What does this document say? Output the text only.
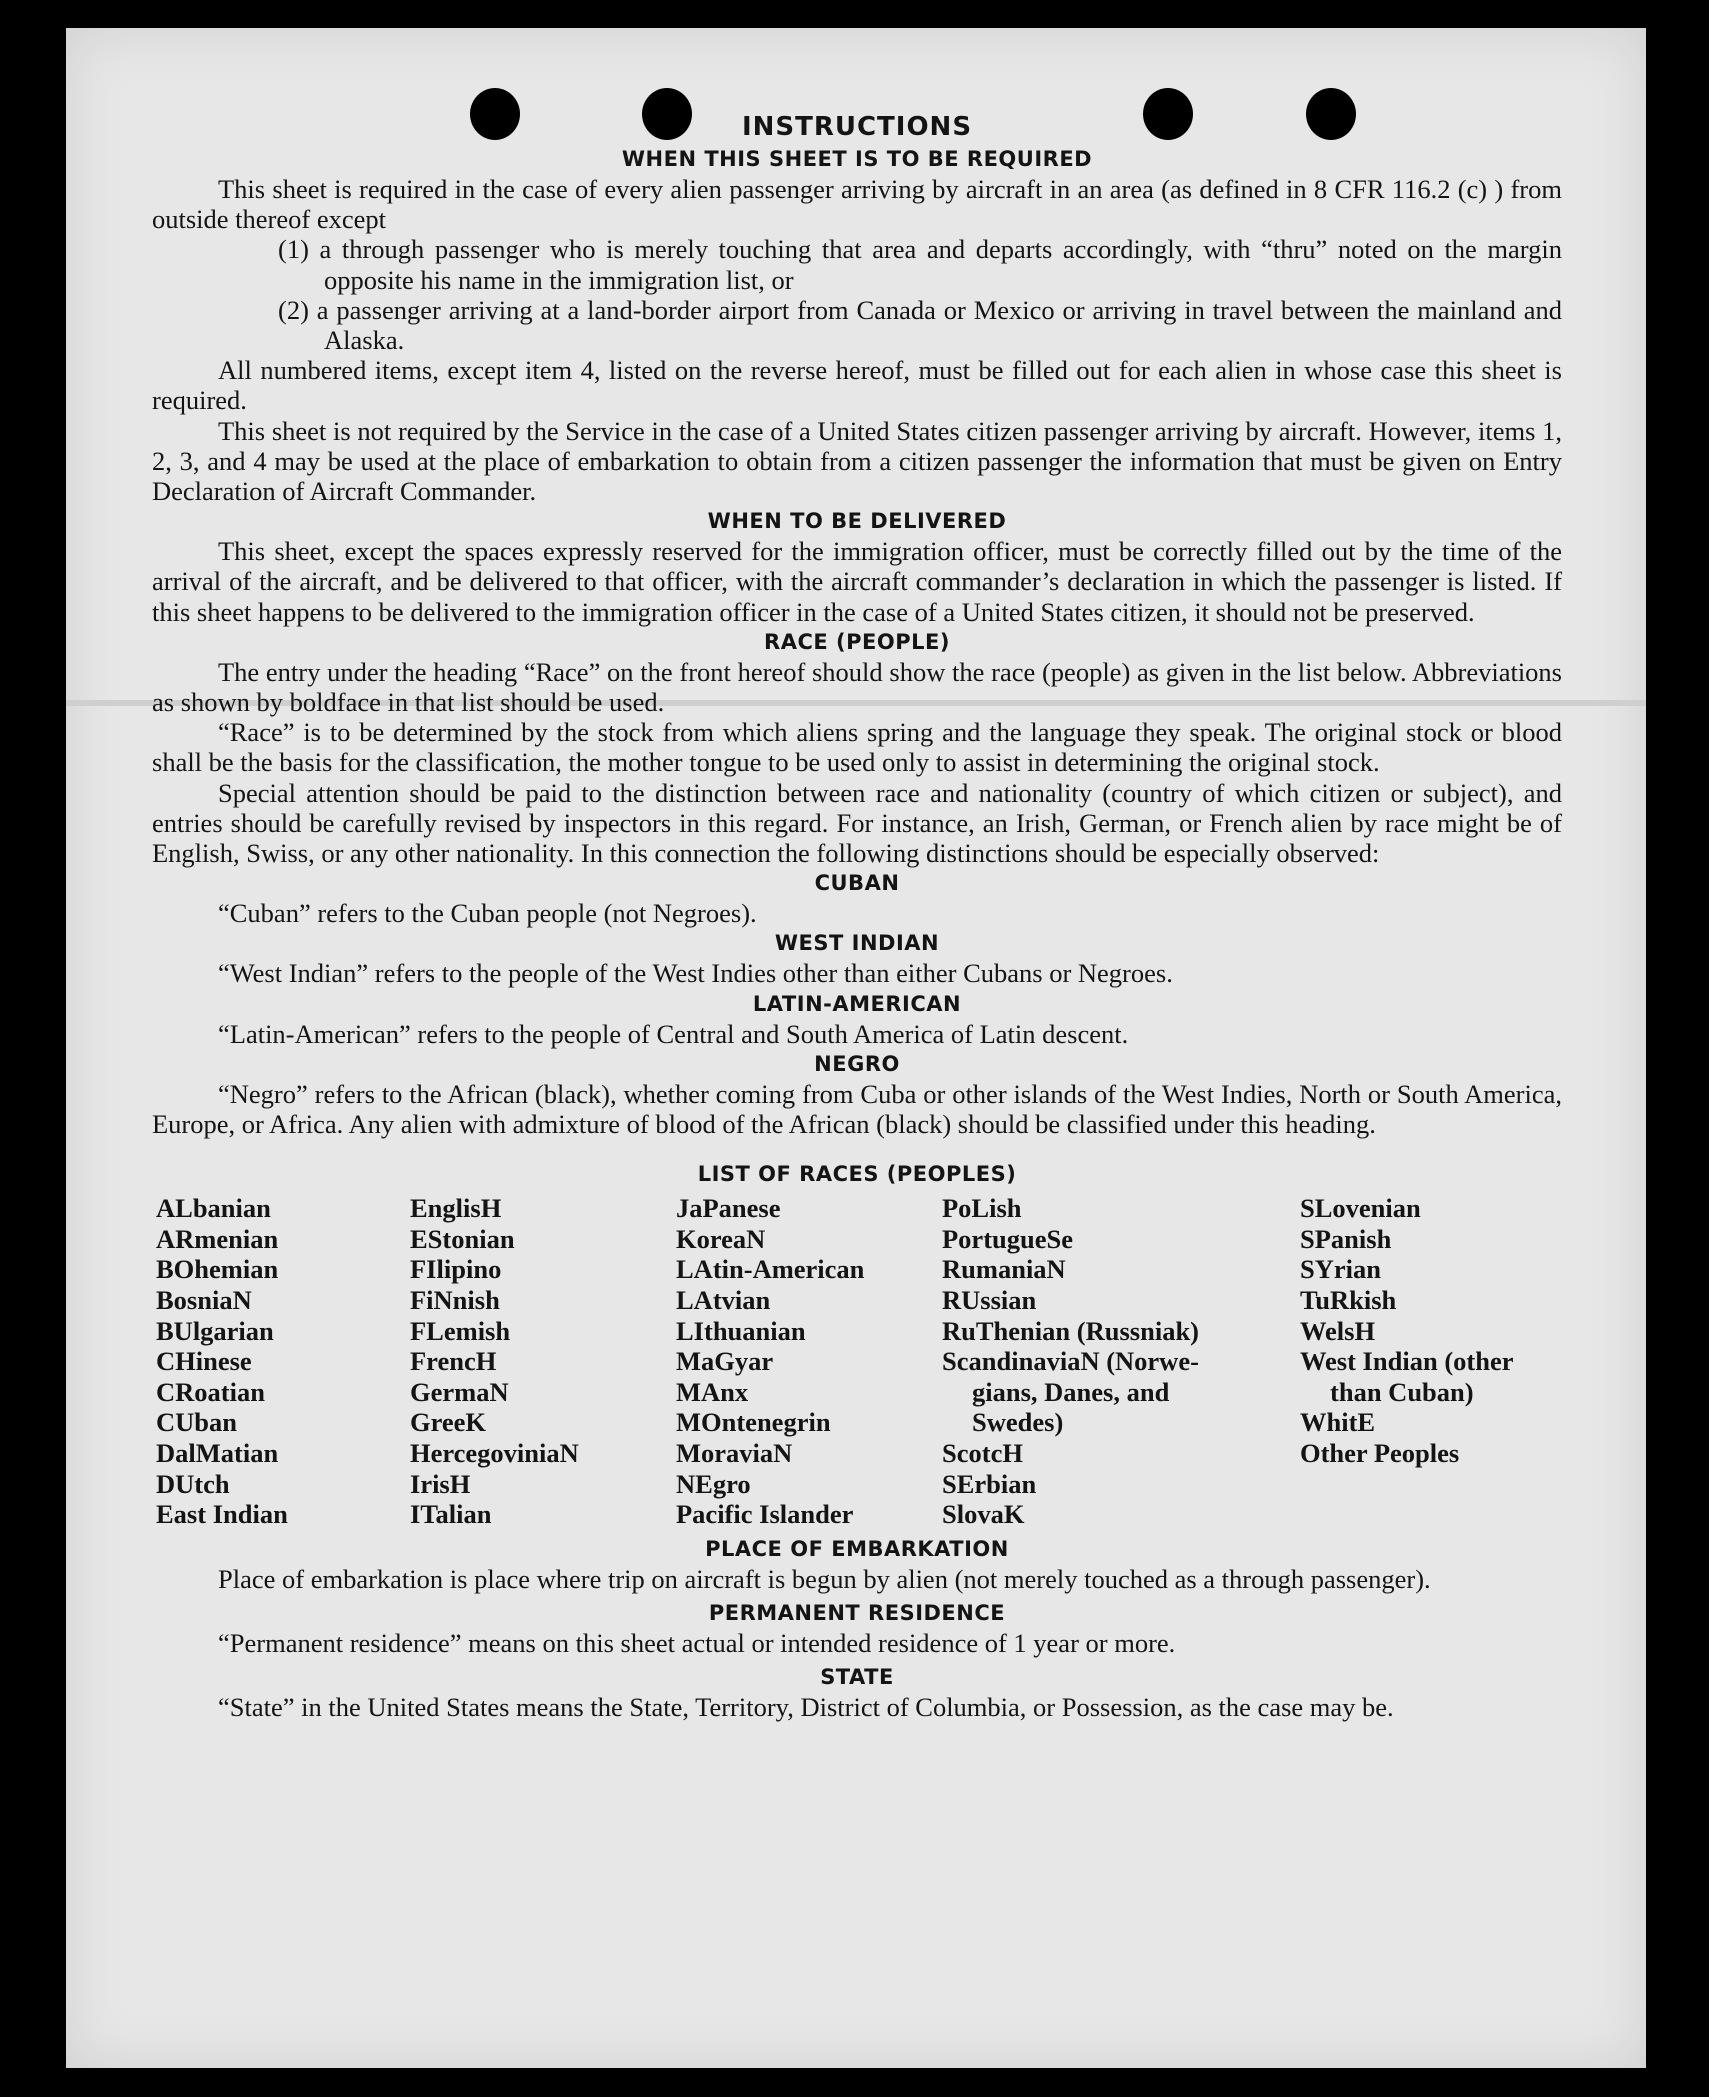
INSTRUCTIONS
WHEN THIS SHEET IS TO BE REQUIRED

This sheet is required in the case of every alien passenger arriving by aircraft in an area (as defined in 8 CFR 116.2 (c) ) from outside thereof except

(1) a through passenger who is merely touching that area and departs accordingly, with “thru” noted on the margin opposite his name in the immigration list, or
(2) a passenger arriving at a land-border airport from Canada or Mexico or arriving in travel between the mainland and Alaska.

All numbered items, except item 4, listed on the reverse hereof, must be filled out for each alien in whose case this sheet is required.

This sheet is not required by the Service in the case of a United States citizen passenger arriving by aircraft. However, items 1, 2, 3, and 4 may be used at the place of embarkation to obtain from a citizen passenger the information that must be given on Entry Declaration of Aircraft Commander.

WHEN TO BE DELIVERED

This sheet, except the spaces expressly reserved for the immigration officer, must be correctly filled out by the time of the arrival of the aircraft, and be delivered to that officer, with the aircraft commander’s declaration in which the passenger is listed. If this sheet happens to be delivered to the immigration officer in the case of a United States citizen, it should not be preserved.

RACE (PEOPLE)

The entry under the heading “Race” on the front hereof should show the race (people) as given in the list below. Abbreviations as shown by boldface in that list should be used.

“Race” is to be determined by the stock from which aliens spring and the language they speak. The original stock or blood shall be the basis for the classification, the mother tongue to be used only to assist in determining the original stock.

Special attention should be paid to the distinction between race and nationality (country of which citizen or subject), and entries should be carefully revised by inspectors in this regard. For instance, an Irish, German, or French alien by race might be of English, Swiss, or any other nationality. In this connection the following distinctions should be especially observed:

CUBAN
“Cuban” refers to the Cuban people (not Negroes).
WEST INDIAN
“West Indian” refers to the people of the West Indies other than either Cubans or Negroes.
LATIN-AMERICAN
“Latin-American” refers to the people of Central and South America of Latin descent.
NEGRO

“Negro” refers to the African (black), whether coming from Cuba or other islands of the West Indies, North or South America, Europe, or Africa. Any alien with admixture of blood of the African (black) should be classified under this heading.

LIST OF RACES (PEOPLES)
ALbanian
ARmenian
BOhemian
BosniaN
BUlgarian
CHinese
CRoatian
CUban
DalMatian
DUtch
East Indian
EnglisH
EStonian
FIlipino
FiNnish
FLemish
FrencH
GermaN
GreeK
HercegoviniaN
IrisH
ITalian
JaPanese
KoreaN
LAtin-American
LAtvian
LIthuanian
MaGyar
MAnx
MOntenegrin
MoraviaN
NEgro
Pacific Islander
PoLish
PortugueSe
RumaniaN
RUssian
RuThenian (Russniak)
ScandinaviaN (Norwe-
gians, Danes, and
Swedes)
ScotcH
SErbian
SlovaK
SLovenian
SPanish
SYrian
TuRkish
WelsH
West Indian (other
than Cuban)
WhitE
Other Peoples
PLACE OF EMBARKATION

Place of embarkation is place where trip on aircraft is begun by alien (not merely touched as a through passenger).

PERMANENT RESIDENCE

“Permanent residence” means on this sheet actual or intended residence of 1 year or more.

STATE

“State” in the United States means the State, Territory, District of Columbia, or Possession, as the case may be.
